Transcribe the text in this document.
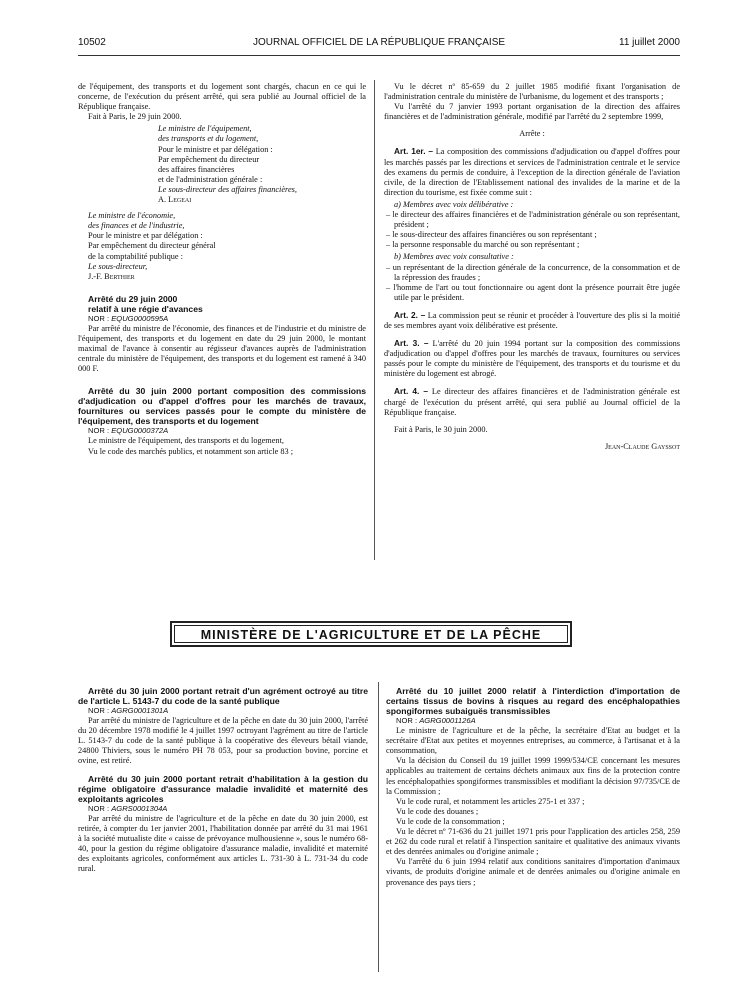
10502	JOURNAL OFFICIEL DE LA RÉPUBLIQUE FRANÇAISE	11 juillet 2000

de l'équipement, des transports et du logement sont chargés, chacun en ce qui le concerne, de l'exécution du présent arrêté, qui sera publié au Journal officiel de la République française.

Fait à Paris, le 29 juin 2000.

Le ministre de l'équipement,

des transports et du logement,

Pour le ministre et par délégation :

Par empêchement du directeur

des affaires financières

et de l'administration générale :

Le sous-directeur des affaires financières,

A. Legeai

Le ministre de l'économie,

des finances et de l'industrie,

Pour le ministre et par délégation :

Par empêchement du directeur général

de la comptabilité publique :

Le sous-directeur,

J.-F. Berthier

Arrêté du 29 juin 2000

relatif à une régie d'avances

NOR : EQUG0000595A

Par arrêté du ministre de l'économie, des finances et de l'industrie et du ministre de l'équipement, des transports et du logement en date du 29 juin 2000, le montant maximal de l'avance à consentir au régisseur d'avances auprès de l'administration centrale du ministère de l'équipement, des transports et du logement est ramené à 340 000 F.

Arrêté du 30 juin 2000 portant composition des commissions d'adjudication ou d'appel d'offres pour les marchés de travaux, fournitures ou services passés pour le compte du ministère de l'équipement, des transports et du logement

NOR : EQUG0000372A

Le ministre de l'équipement, des transports et du logement,

Vu le code des marchés publics, et notamment son article 83 ;

Vu le décret nº 85-659 du 2 juillet 1985 modifié fixant l'organisation de l'administration centrale du ministère de l'urbanisme, du logement et des transports ;

Vu l'arrêté du 7 janvier 1993 portant organisation de la direction des affaires financières et de l'administration générale, modifié par l'arrêté du 2 septembre 1999,

Arrête :

Art. 1er. – La composition des commissions d'adjudication ou d'appel d'offres pour les marchés passés par les directions et services de l'administration centrale et le service des examens du permis de conduire, à l'exception de la direction générale de l'aviation civile, de la direction de l'Etablissement national des invalides de la marine et de la direction du tourisme, est fixée comme suit :

a) Membres avec voix délibérative :

– le directeur des affaires financières et de l'administration générale ou son représentant, président ;

– le sous-directeur des affaires financières ou son représentant ;

– la personne responsable du marché ou son représentant ;

b) Membres avec voix consultative :

– un représentant de la direction générale de la concurrence, de la consommation et de la répression des fraudes ;

– l'homme de l'art ou tout fonctionnaire ou agent dont la présence pourrait être jugée utile par le président.

Art. 2. – La commission peut se réunir et procéder à l'ouverture des plis si la moitié de ses membres ayant voix délibérative est présente.

Art. 3. – L'arrêté du 20 juin 1994 portant sur la composition des commissions d'adjudication ou d'appel d'offres pour les marchés de travaux, fournitures ou services passés pour le compte du ministère de l'équipement, des transports et du tourisme et du ministère du logement est abrogé.

Art. 4. – Le directeur des affaires financières et de l'administration générale est chargé de l'exécution du présent arrêté, qui sera publié au Journal officiel de la République française.

Fait à Paris, le 30 juin 2000.

Jean-Claude Gayssot

MINISTÈRE DE L'AGRICULTURE ET DE LA PÊCHE

Arrêté du 30 juin 2000 portant retrait d'un agrément octroyé au titre de l'article L. 5143-7 du code de la santé publique

NOR : AGRG0001301A

Par arrêté du ministre de l'agriculture et de la pêche en date du 30 juin 2000, l'arrêté du 20 décembre 1978 modifié le 4 juillet 1997 octroyant l'agrément au titre de l'article L. 5143-7 du code de la santé publique à la coopérative des éleveurs bétail viande, 24800 Thiviers, sous le numéro PH 78 053, pour sa production bovine, porcine et ovine, est retiré.

Arrêté du 30 juin 2000 portant retrait d'habilitation à la gestion du régime obligatoire d'assurance maladie invalidité et maternité des exploitants agricoles

NOR : AGRS0001304A

Par arrêté du ministre de l'agriculture et de la pêche en date du 30 juin 2000, est retirée, à compter du 1er janvier 2001, l'habilitation donnée par arrêté du 31 mai 1961 à la société mutualiste dite « caisse de prévoyance mulhousienne », sous le numéro 68-40, pour la gestion du régime obligatoire d'assurance maladie, invalidité et maternité des exploitants agricoles, conformément aux articles L. 731-30 à L. 731-34 du code rural.

Arrêté du 10 juillet 2000 relatif à l'interdiction d'importation de certains tissus de bovins à risques au regard des encéphalopathies spongiformes subaiguës transmissibles

NOR : AGRG0001126A

Le ministre de l'agriculture et de la pêche, la secrétaire d'Etat au budget et la secrétaire d'Etat aux petites et moyennes entreprises, au commerce, à l'artisanat et à la consommation,

Vu la décision du Conseil du 19 juillet 1999 1999/534/CE concernant les mesures applicables au traitement de certains déchets animaux aux fins de la protection contre les encéphalopathies spongiformes transmissibles et modifiant la décision 97/735/CE de la Commission ;

Vu le code rural, et notamment les articles 275-1 et 337 ;

Vu le code des douanes ;

Vu le code de la consommation ;

Vu le décret nº 71-636 du 21 juillet 1971 pris pour l'application des articles 258, 259 et 262 du code rural et relatif à l'inspection sanitaire et qualitative des animaux vivants et des denrées animales ou d'origine animale ;

Vu l'arrêté du 6 juin 1994 relatif aux conditions sanitaires d'importation d'animaux vivants, de produits d'origine animale et de denrées animales ou d'origine animale en provenance des pays tiers ;
